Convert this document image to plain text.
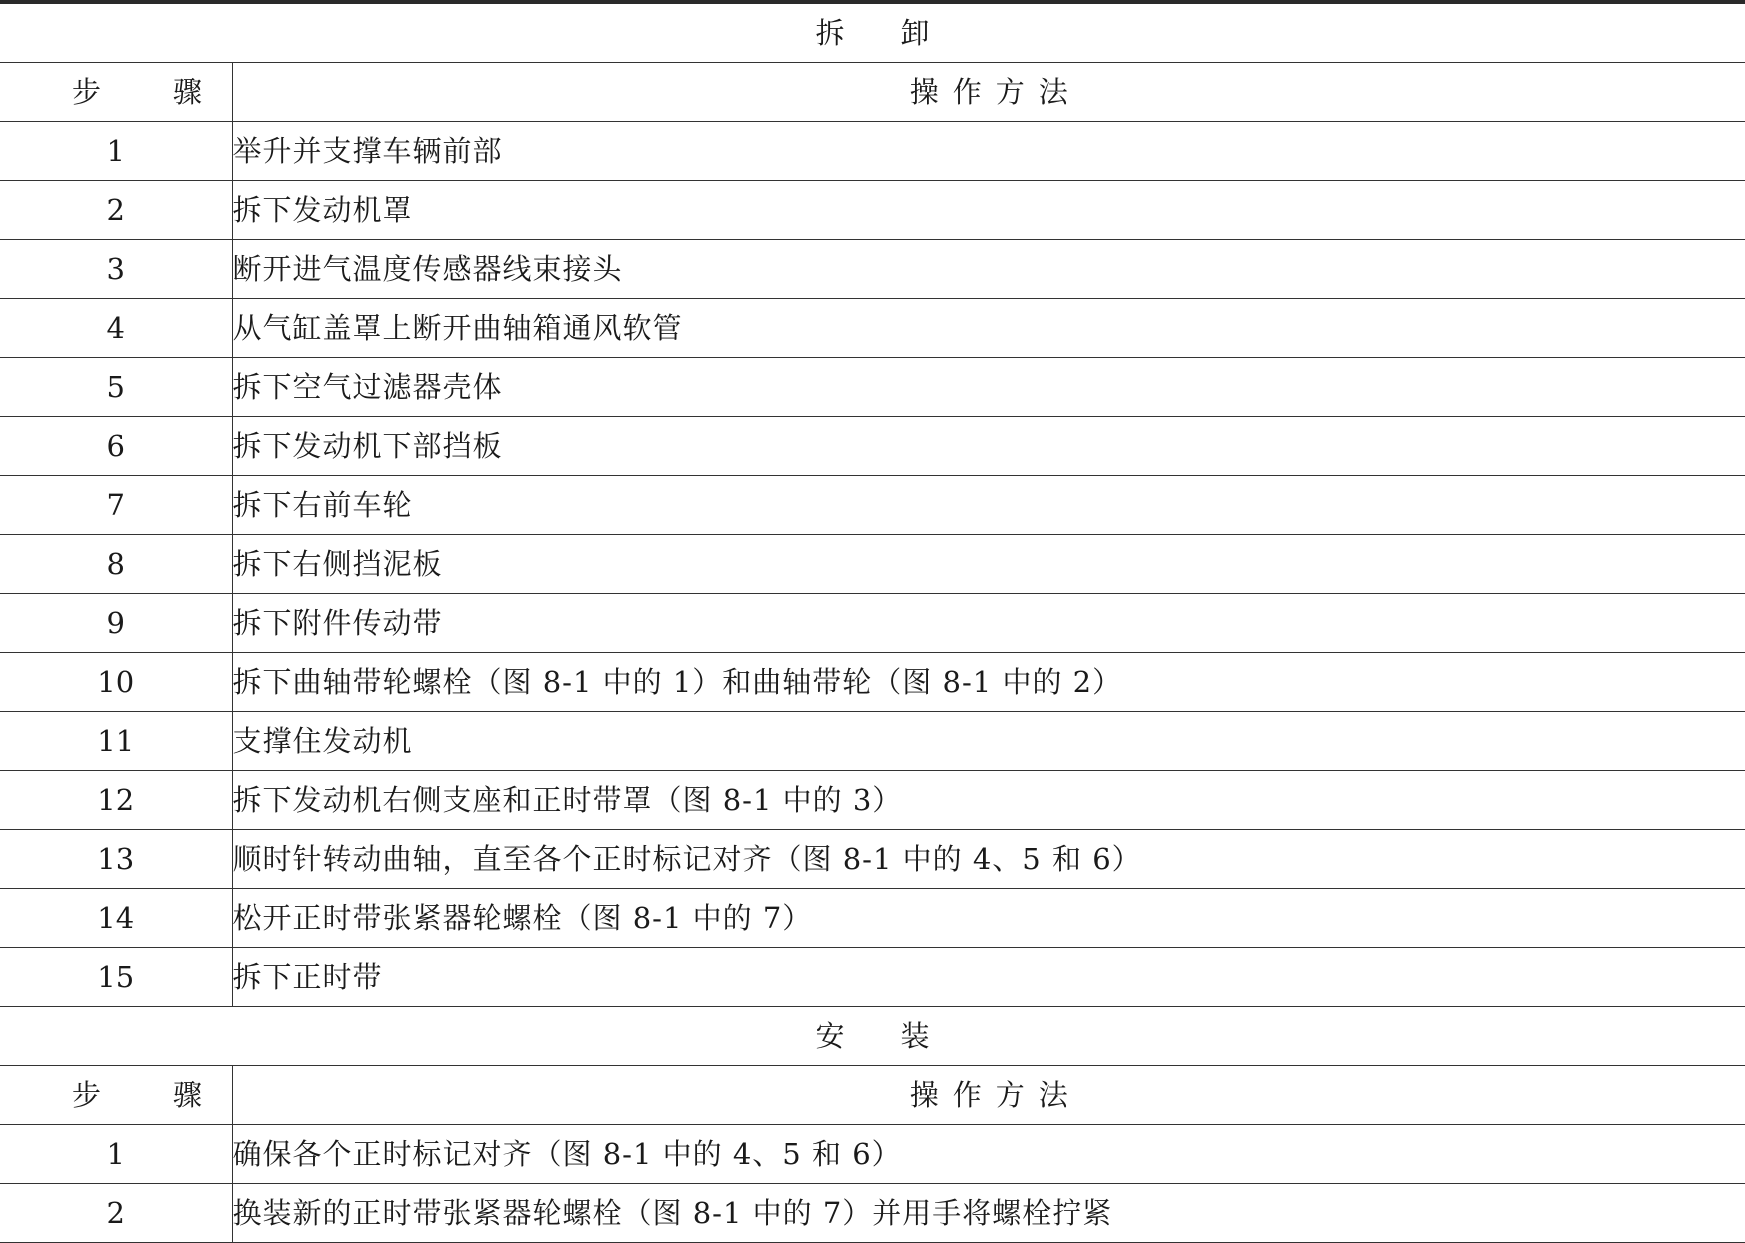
拆卸	
步骤	操作方法
1	举升并支撑车辆前部
2	拆下发动机罩
3	断开进气温度传感器线束接头
4	从气缸盖罩上断开曲轴箱通风软管
5	拆下空气过滤器壳体
6	拆下发动机下部挡板
7	拆下右前车轮
8	拆下右侧挡泥板
9	拆下附件传动带
10	拆下曲轴带轮螺栓（图 8-1 中的 1）和曲轴带轮（图 8-1 中的 2）
11	支撑住发动机
12	拆下发动机右侧支座和正时带罩（图 8-1 中的 3）
13	顺时针转动曲轴，直至各个正时标记对齐（图 8-1 中的 4、5 和 6）
14	松开正时带张紧器轮螺栓（图 8-1 中的 7）
15	拆下正时带
安装	
步骤	操作方法
1	确保各个正时标记对齐（图 8-1 中的 4、5 和 6）
2	换装新的正时带张紧器轮螺栓（图 8-1 中的 7）并用手将螺栓拧紧
